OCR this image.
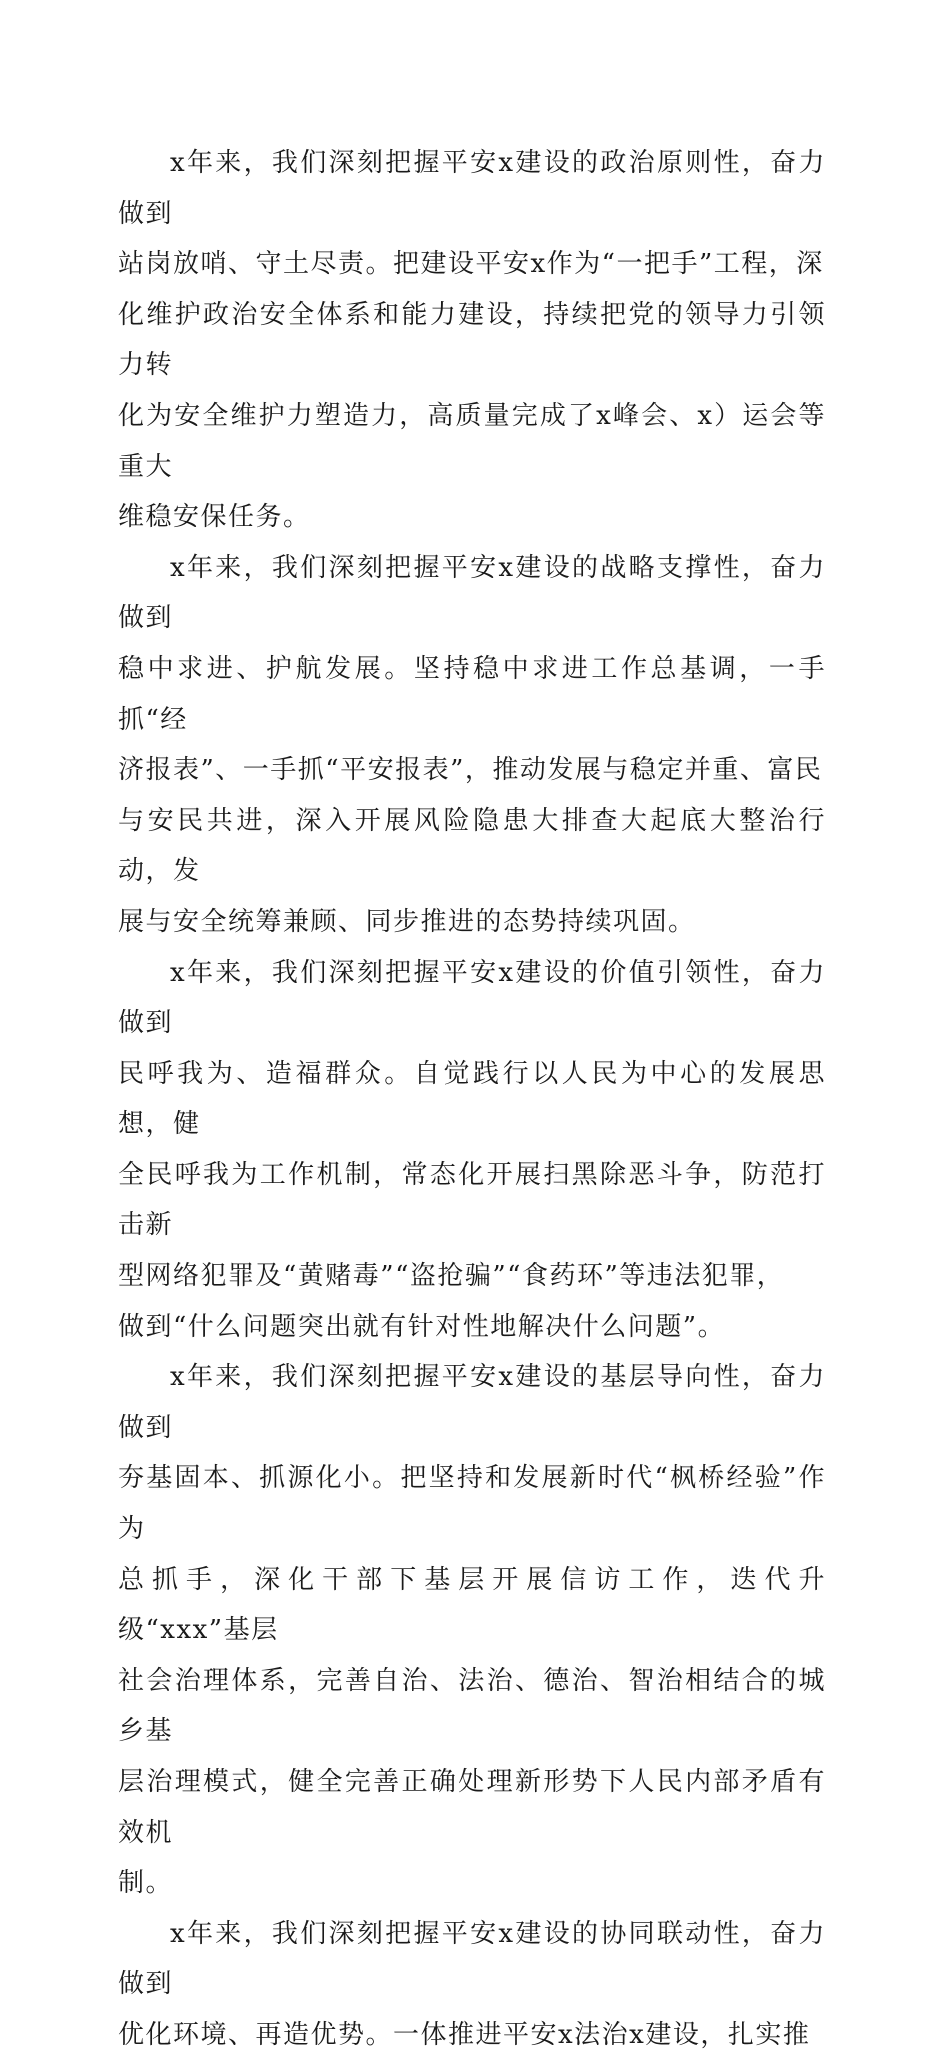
x年来，我们深刻把握平安x建设的政治原则性，奋力做到
站岗放哨、守土尽责。把建设平安x作为“一把手”工程，深
化维护政治安全体系和能力建设，持续把党的领导力引领力转
化为安全维护力塑造力，高质量完成了x峰会、x）运会等重大
维稳安保任务。

x年来，我们深刻把握平安x建设的战略支撑性，奋力做到
稳中求进、护航发展。坚持稳中求进工作总基调，一手抓“经
济报表”、一手抓“平安报表”，推动发展与稳定并重、富民
与安民共进，深入开展风险隐患大排查大起底大整治行动，发
展与安全统筹兼顾、同步推进的态势持续巩固。

x年来，我们深刻把握平安x建设的价值引领性，奋力做到
民呼我为、造福群众。自觉践行以人民为中心的发展思想，健
全民呼我为工作机制，常态化开展扫黑除恶斗争，防范打击新
型网络犯罪及“黄赌毒”“盗抢骗”“食药环”等违法犯罪，
做到“什么问题突出就有针对性地解决什么问题”。

x年来，我们深刻把握平安x建设的基层导向性，奋力做到
夯基固本、抓源化小。把坚持和发展新时代“枫桥经验”作为
总抓手，深化干部下基层开展信访工作，迭代升级“xxx”基层
社会治理体系，完善自治、法治、德治、智治相结合的城乡基
层治理模式，健全完善正确处理新形势下人民内部矛盾有效机
制。

x年来，我们深刻把握平安x建设的协同联动性，奋力做到
优化环境、再造优势。一体推进平安x法治x建设，扎实推
